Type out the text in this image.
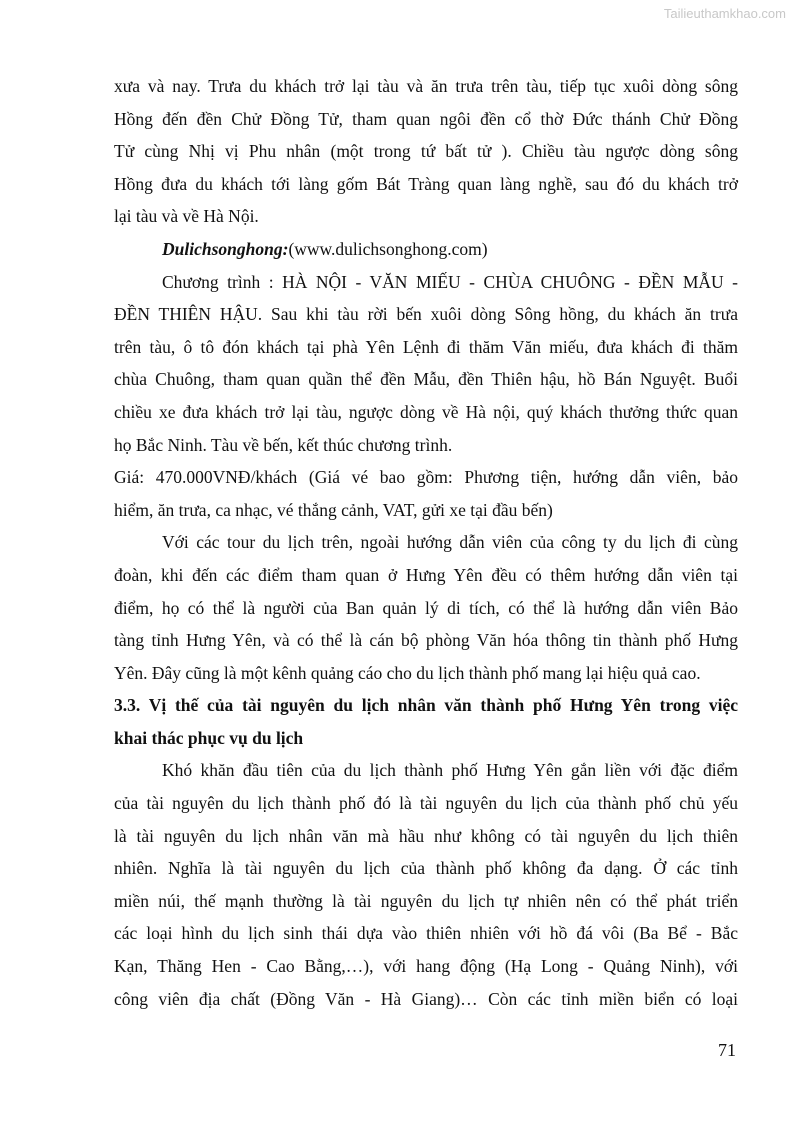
Tailieuthamkhao.com
xưa và nay. Trưa du khách trở lại tàu và ăn trưa trên tàu, tiếp tục xuôi dòng sông
Hồng đến đền Chử Đồng Tử, tham quan ngôi đền cổ thờ Đức thánh Chử Đồng
Tử cùng Nhị vị Phu nhân (một trong tứ bất tử ). Chiều tàu ngược dòng sông
Hồng đưa du khách tới làng gốm Bát Tràng quan làng nghề, sau đó du khách trở
lại tàu và về Hà Nội.
Dulichsonghong:(www.dulichsonghong.com)
Chương trình : HÀ NỘI - VĂN MIẾU - CHÙA CHUÔNG - ĐỀN MẪU -
ĐỀN THIÊN HẬU. Sau khi tàu rời bến xuôi dòng Sông hồng, du khách ăn trưa
trên tàu, ô tô đón khách tại phà Yên Lệnh đi thăm Văn miếu, đưa khách đi thăm
chùa Chuông, tham quan quần thể đền Mẫu, đền Thiên hậu, hồ Bán Nguyệt. Buổi
chiều xe đưa khách trở lại tàu, ngược dòng về Hà nội, quý khách thưởng thức quan
họ Bắc Ninh. Tàu về bến, kết thúc chương trình.
Giá: 470.000VNĐ/khách (Giá vé bao gồm: Phương tiện, hướng dẫn viên, bảo
hiểm, ăn trưa, ca nhạc, vé thắng cảnh, VAT, gửi xe tại đầu bến)
Với các tour du lịch trên, ngoài hướng dẫn viên của công ty du lịch đi cùng
đoàn, khi đến các điểm tham quan ở Hưng Yên đều có thêm hướng dẫn viên tại
điểm, họ có thể là người của Ban quản lý di tích, có thể là hướng dẫn viên Bảo
tàng tỉnh Hưng Yên, và có thể là cán bộ phòng Văn hóa thông tin thành phố Hưng
Yên. Đây cũng là một kênh quảng cáo cho du lịch thành phố mang lại hiệu quả cao.
3.3. Vị thế của tài nguyên du lịch nhân văn thành phố Hưng Yên trong việc
khai thác phục vụ du lịch
Khó khăn đầu tiên của du lịch thành phố Hưng Yên gắn liền với đặc điểm
của tài nguyên du lịch thành phố đó là tài nguyên du lịch của thành phố chủ yếu
là tài nguyên du lịch nhân văn mà hầu như không có tài nguyên du lịch thiên
nhiên. Nghĩa là tài nguyên du lịch của thành phố không đa dạng. Ở các tỉnh
miền núi, thế mạnh thường là tài nguyên du lịch tự nhiên nên có thể phát triển
các loại hình du lịch sinh thái dựa vào thiên nhiên với hồ đá vôi (Ba Bể - Bắc
Kạn, Thăng Hen - Cao Bằng,…), với hang động (Hạ Long - Quảng Ninh), với
công viên địa chất (Đồng Văn - Hà Giang)… Còn các tỉnh miền biển có loại
71
